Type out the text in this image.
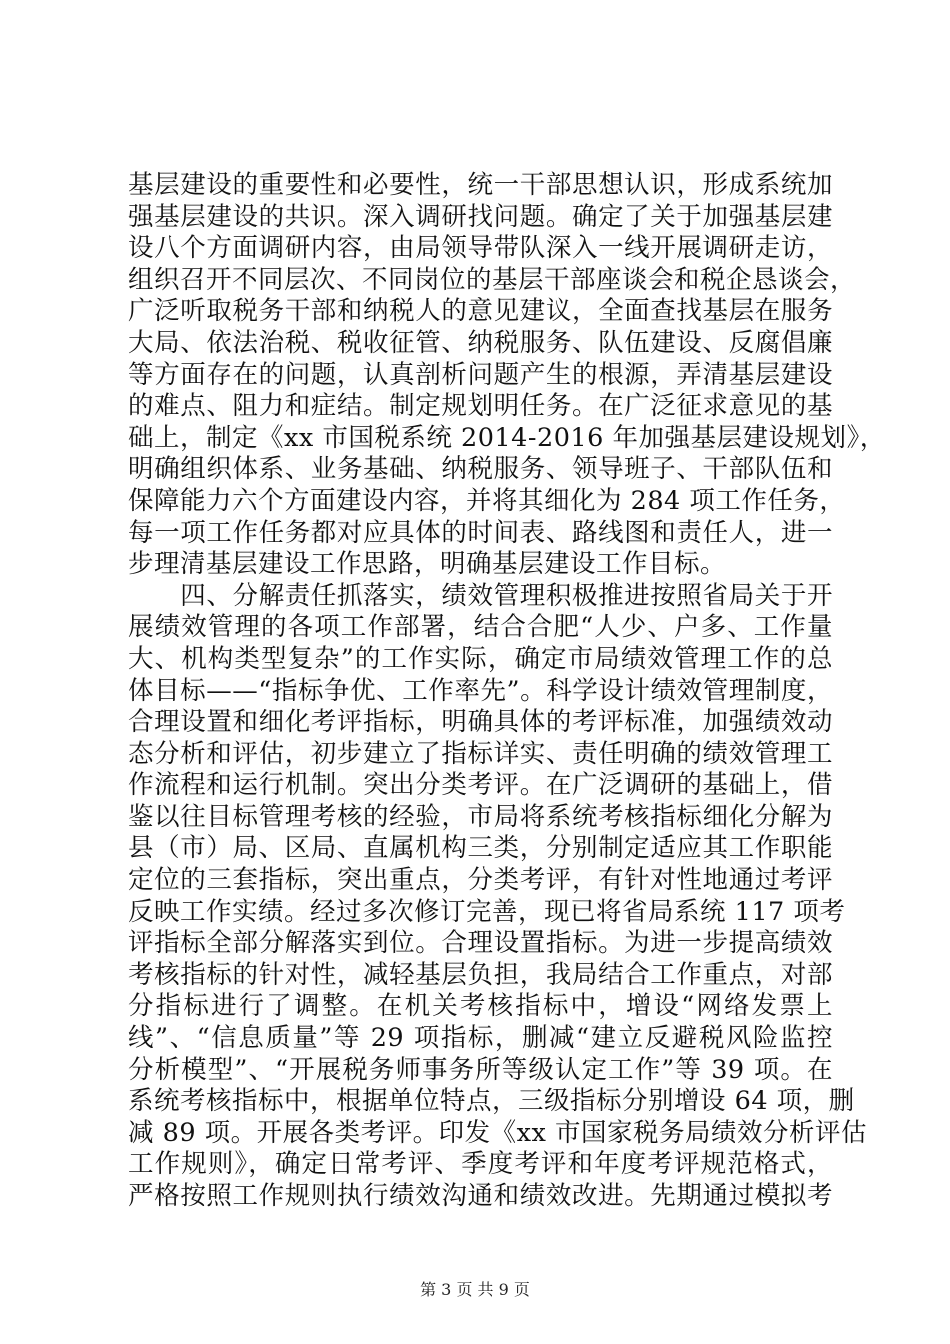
基层建设的重要性和必要性，统一干部思想认识，形成系统加
强基层建设的共识。深入调研找问题。确定了关于加强基层建
设八个方面调研内容，由局领导带队深入一线开展调研走访，
组织召开不同层次、不同岗位的基层干部座谈会和税企恳谈会，
广泛听取税务干部和纳税人的意见建议，全面查找基层在服务
大局、依法治税、税收征管、纳税服务、队伍建设、反腐倡廉
等方面存在的问题，认真剖析问题产生的根源，弄清基层建设
的难点、阻力和症结。制定规划明任务。在广泛征求意见的基
础上，制定《xx 市国税系统 2014-2016 年加强基层建设规划》，
明确组织体系、业务基础、纳税服务、领导班子、干部队伍和
保障能力六个方面建设内容，并将其细化为 284 项工作任务，
每一项工作任务都对应具体的时间表、路线图和责任人，进一
步理清基层建设工作思路，明确基层建设工作目标。
　　四、分解责任抓落实，绩效管理积极推进按照省局关于开
展绩效管理的各项工作部署，结合合肥“人少、户多、工作量
大、机构类型复杂”的工作实际，确定市局绩效管理工作的总
体目标——“指标争优、工作率先”。科学设计绩效管理制度，
合理设置和细化考评指标，明确具体的考评标准，加强绩效动
态分析和评估，初步建立了指标详实、责任明确的绩效管理工
作流程和运行机制。突出分类考评。在广泛调研的基础上，借
鉴以往目标管理考核的经验，市局将系统考核指标细化分解为
县（市）局、区局、直属机构三类，分别制定适应其工作职能
定位的三套指标，突出重点，分类考评，有针对性地通过考评
反映工作实绩。经过多次修订完善，现已将省局系统 117 项考
评指标全部分解落实到位。合理设置指标。为进一步提高绩效
考核指标的针对性，减轻基层负担，我局结合工作重点，对部
分指标进行了调整。在机关考核指标中，增设“网络发票上
线”、“信息质量”等 29 项指标，删减“建立反避税风险监控
分析模型”、“开展税务师事务所等级认定工作”等 39 项。在
系统考核指标中，根据单位特点，三级指标分别增设 64 项，删
减 89 项。开展各类考评。印发《xx 市国家税务局绩效分析评估
工作规则》，确定日常考评、季度考评和年度考评规范格式，
严格按照工作规则执行绩效沟通和绩效改进。先期通过模拟考
第 3 页 共 9 页
